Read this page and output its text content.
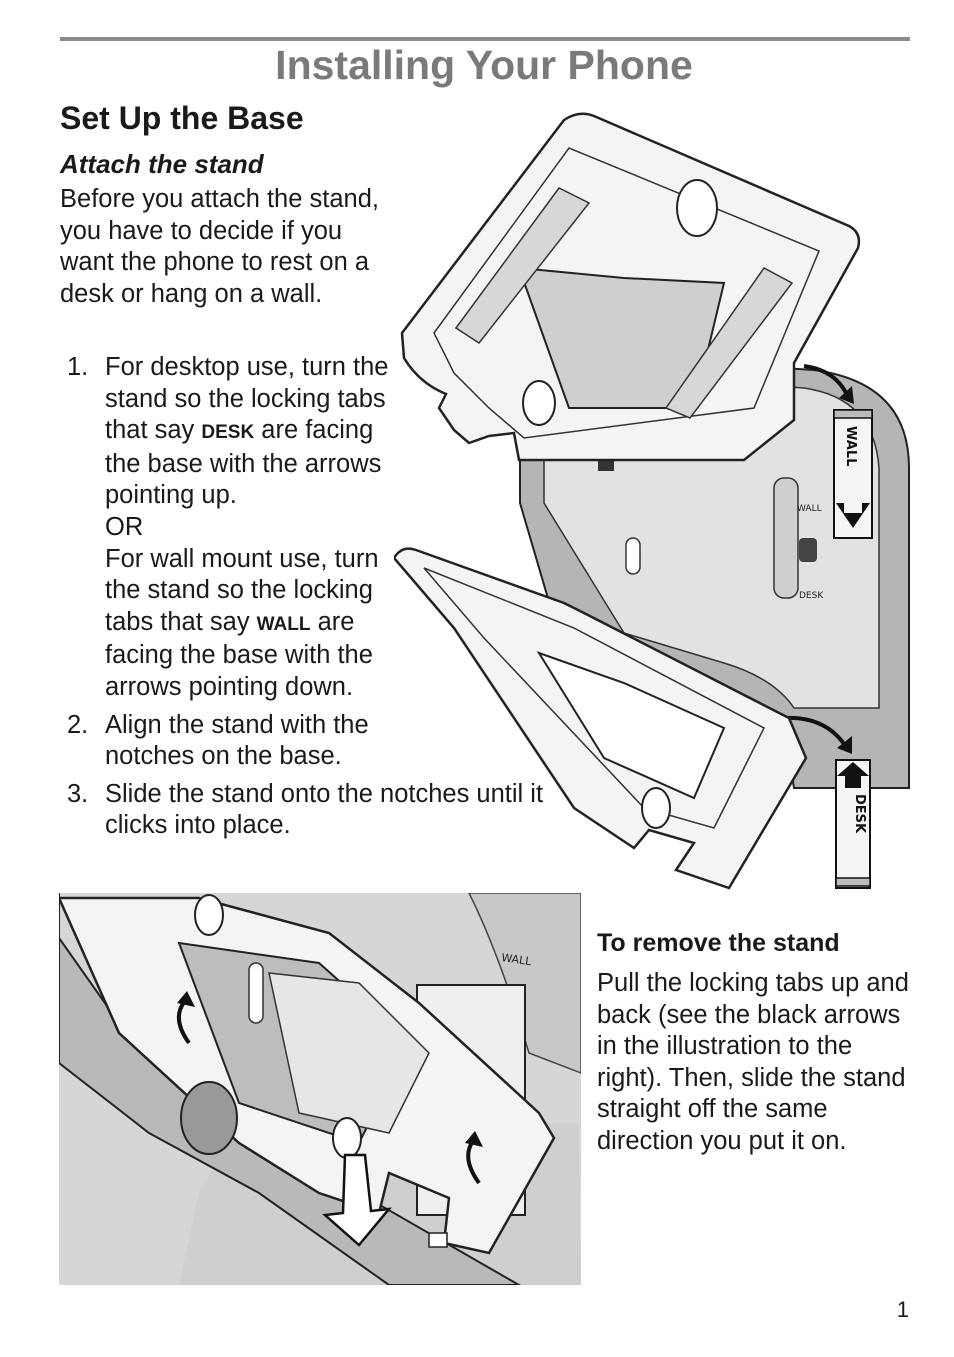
Installing Your Phone
Set Up the Base
Attach the stand

Before you attach the stand, you have to decide if you want the phone to rest on a desk or hang on a wall.

1. For desktop use, turn the stand so the locking tabs that say DESK are facing the base with the arrows pointing up.
OR
For wall mount use, turn the stand so the locking tabs that say WALL are facing the base with the arrows pointing down.
2. Align the stand with the notches on the base.
3. Slide the stand onto the notches until it clicks into place.
WALL
DESK
WALL
DESK
WALL
To remove the stand

Pull the locking tabs up and back (see the black arrows in the illustration to the right). Then, slide the stand straight off the same direction you put it on.

1
